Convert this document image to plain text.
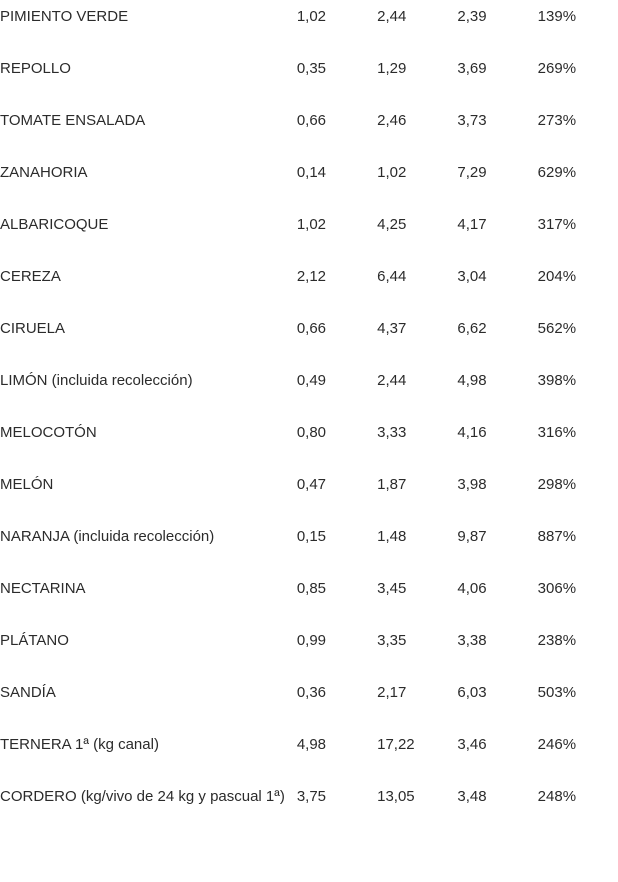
PIMIENTO VERDE	1,02	2,44	2,39	139%

REPOLLO	0,35	1,29	3,69	269%

TOMATE ENSALADA	0,66	2,46	3,73	273%

ZANAHORIA	0,14	1,02	7,29	629%

ALBARICOQUE	1,02	4,25	4,17	317%

CEREZA	2,12	6,44	3,04	204%

CIRUELA	0,66	4,37	6,62	562%

LIMÓN (incluida recolección)	0,49	2,44	4,98	398%

MELOCOTÓN	0,80	3,33	4,16	316%

MELÓN	0,47	1,87	3,98	298%

NARANJA (incluida recolección)	0,15	1,48	9,87	887%

NECTARINA	0,85	3,45	4,06	306%

PLÁTANO	0,99	3,35	3,38	238%

SANDÍA	0,36	2,17	6,03	503%

TERNERA 1ª (kg canal)	4,98	17,22	3,46	246%

CORDERO (kg/vivo de 24 kg y pascual 1ª)	3,75	13,05	3,48	248%
